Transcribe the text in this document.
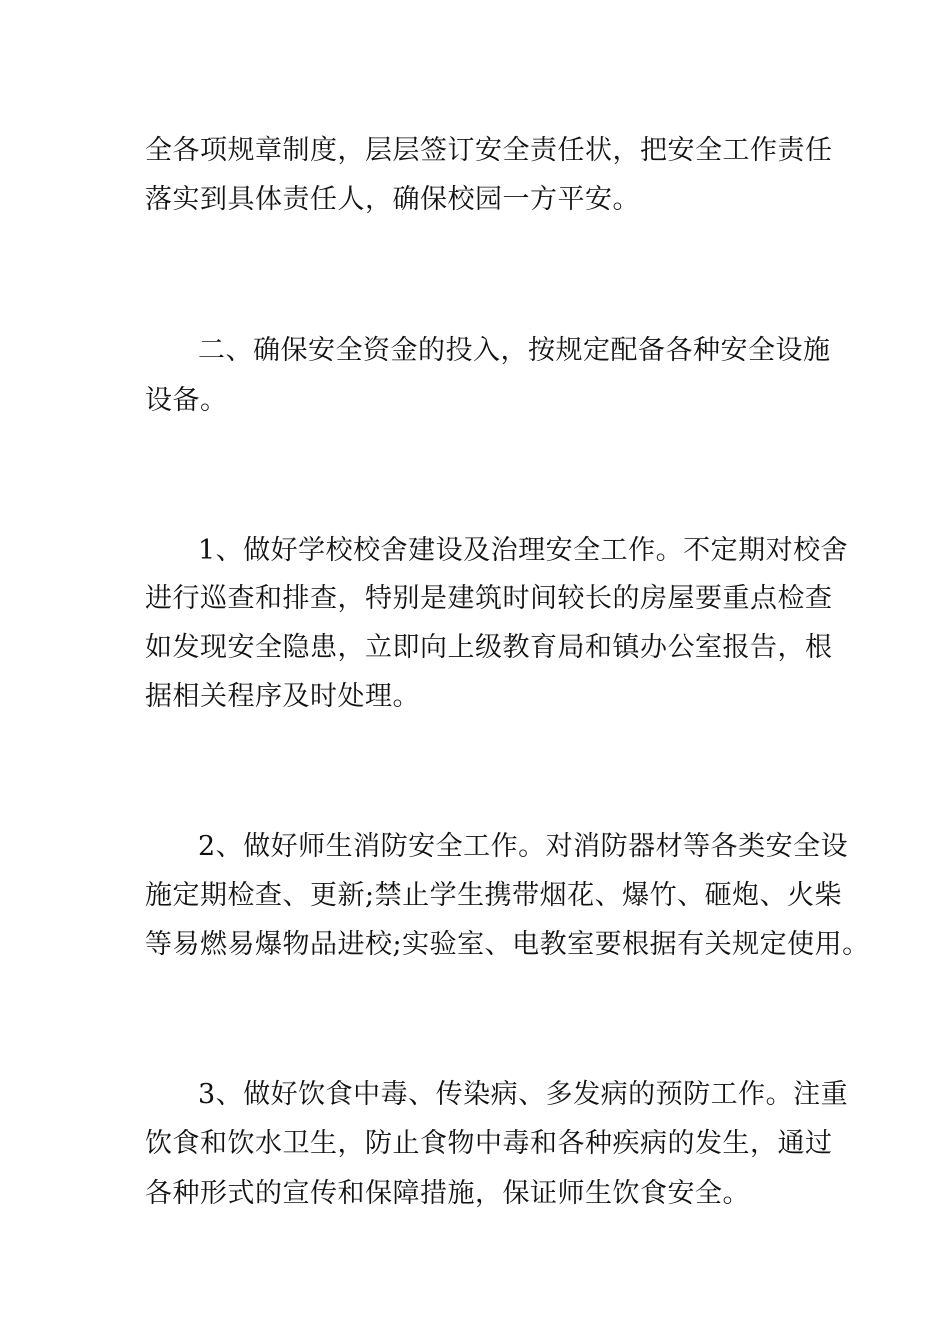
全各项规章制度，层层签订安全责任状，把安全工作责任
落实到具体责任人，确保校园一方平安。
二、确保安全资金的投入，按规定配备各种安全设施
设备。
1、做好学校校舍建设及治理安全工作。不定期对校舍
进行巡查和排查，特别是建筑时间较长的房屋要重点检查
如发现安全隐患，立即向上级教育局和镇办公室报告，根
据相关程序及时处理。
2、做好师生消防安全工作。对消防器材等各类安全设
施定期检查、更新;禁止学生携带烟花、爆竹、砸炮、火柴
等易燃易爆物品进校;实验室、电教室要根据有关规定使用。
3、做好饮食中毒、传染病、多发病的预防工作。注重
饮食和饮水卫生，防止食物中毒和各种疾病的发生，通过
各种形式的宣传和保障措施，保证师生饮食安全。
